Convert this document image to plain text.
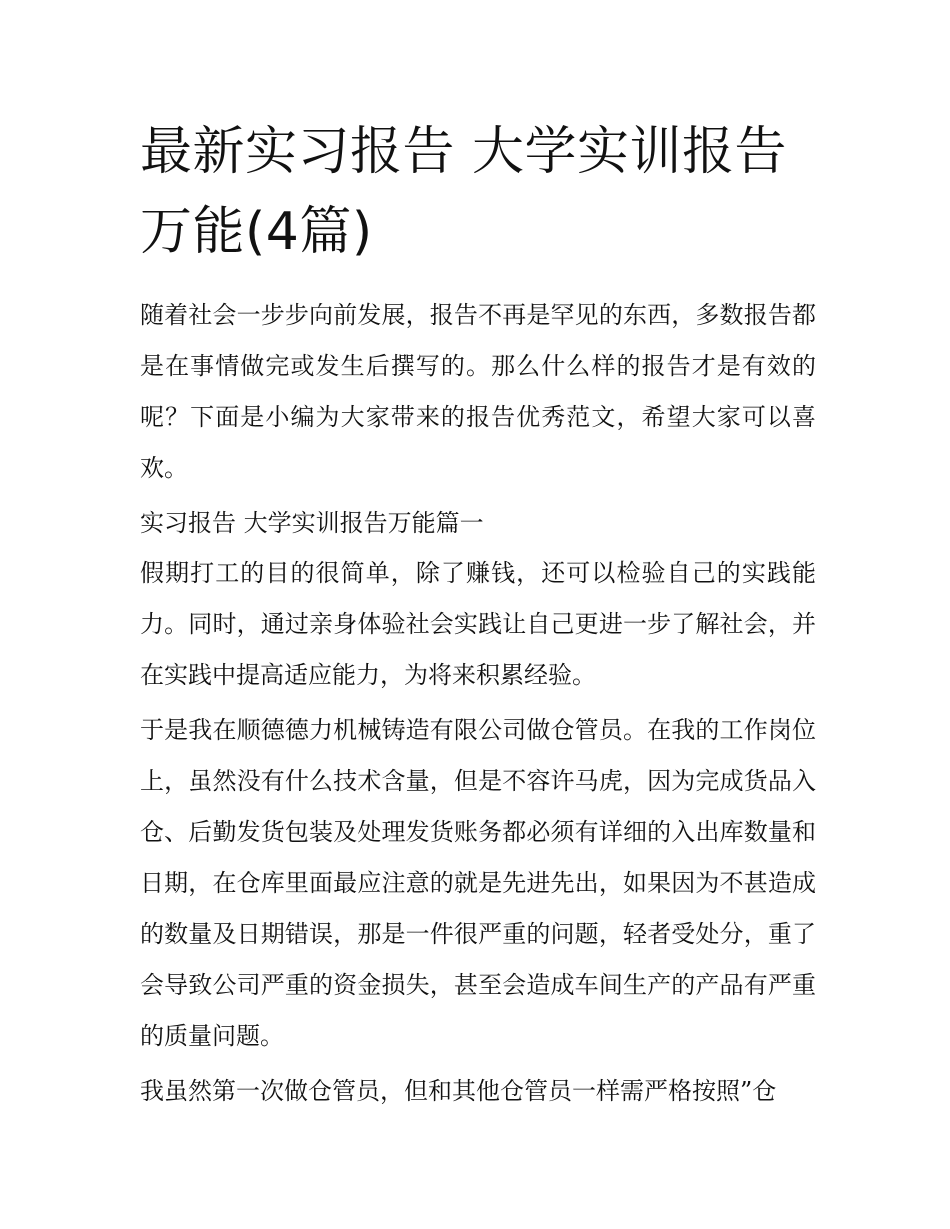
最新实习报告 大学实训报告万能(4篇)

随着社会一步步向前发展，报告不再是罕见的东西，多数报告都是在事情做完或发生后撰写的。那么什么样的报告才是有效的呢？下面是小编为大家带来的报告优秀范文，希望大家可以喜欢。

实习报告 大学实训报告万能篇一

假期打工的目的很简单，除了赚钱，还可以检验自己的实践能力。同时，通过亲身体验社会实践让自己更进一步了解社会，并在实践中提高适应能力，为将来积累经验。

于是我在顺德德力机械铸造有限公司做仓管员。在我的工作岗位上，虽然没有什么技术含量，但是不容许马虎，因为完成货品入仓、后勤发货包装及处理发货账务都必须有详细的入出库数量和日期，在仓库里面最应注意的就是先进先出，如果因为不甚造成的数量及日期错误，那是一件很严重的问题，轻者受处分，重了会导致公司严重的资金损失，甚至会造成车间生产的产品有严重的质量问题。

我虽然第一次做仓管员，但和其他仓管员一样需严格按照”仓
